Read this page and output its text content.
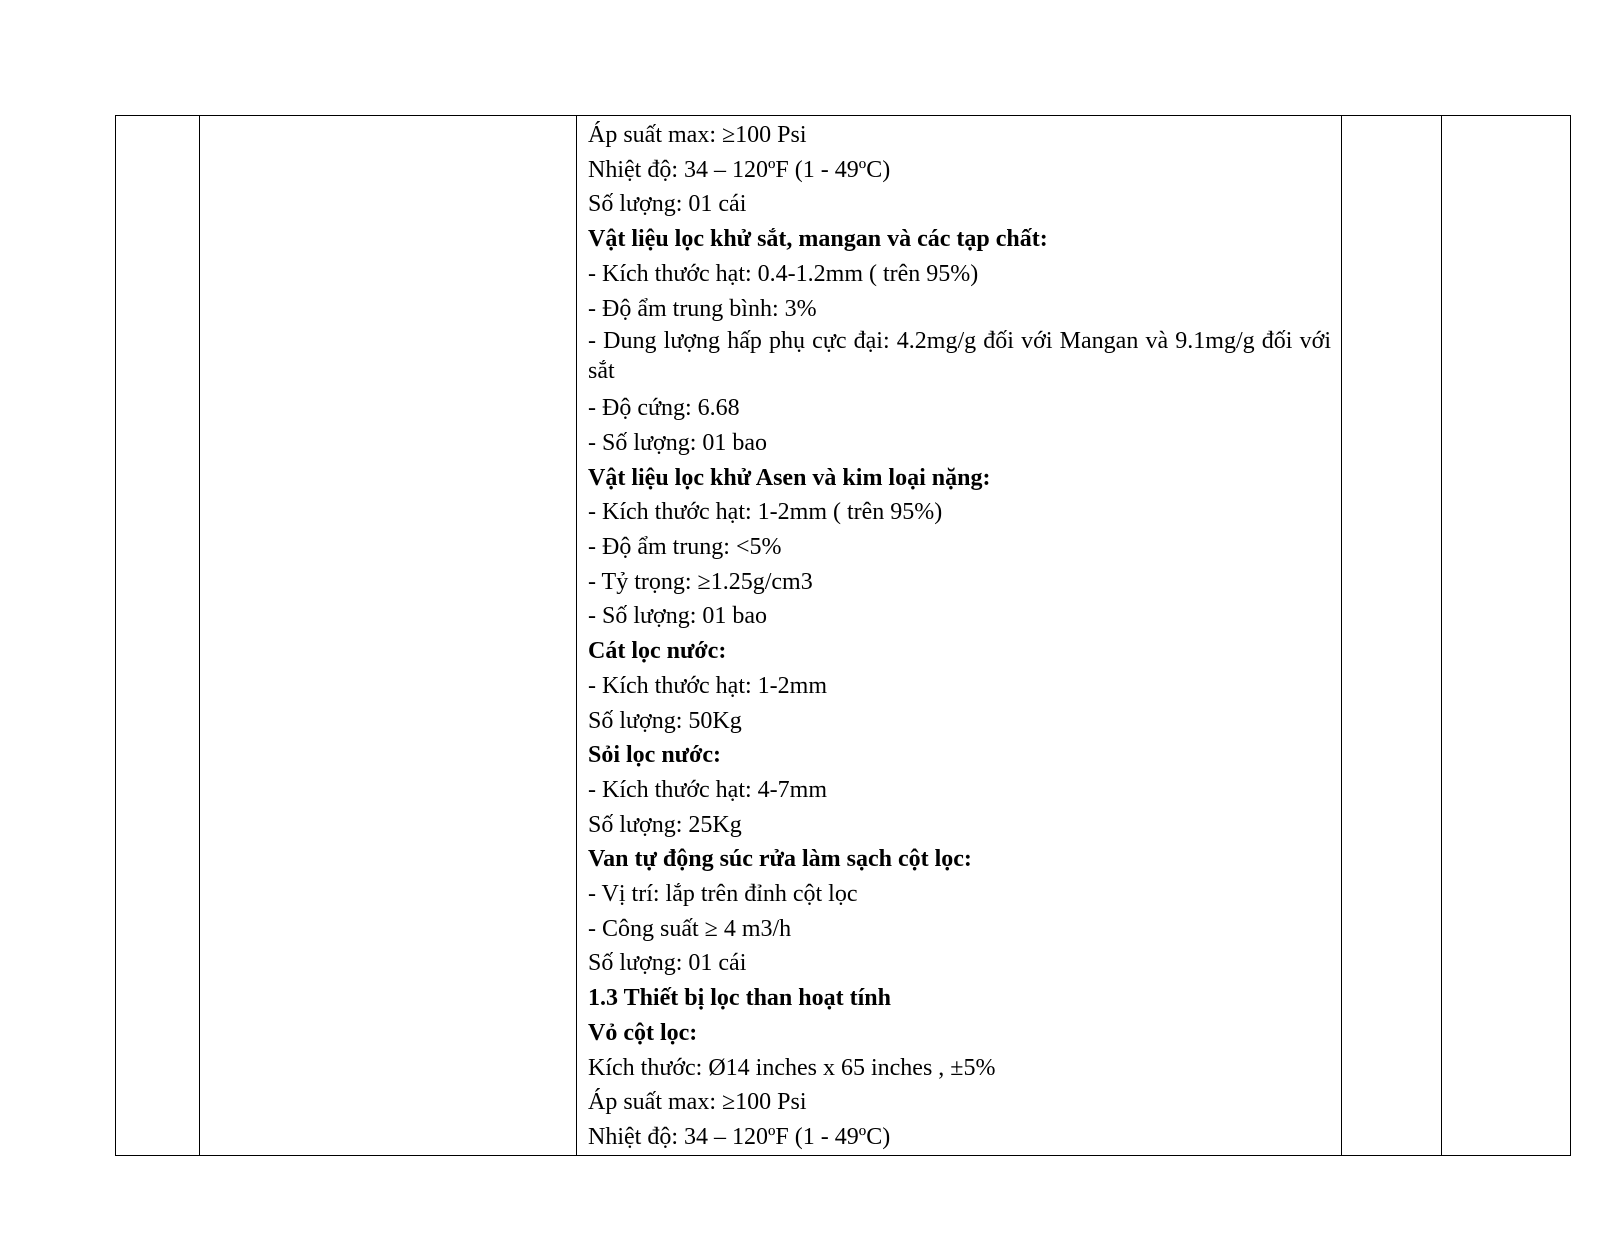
Áp suất max: ≥100 Psi

Nhiệt độ: 34 – 120ºF (1 - 49ºC)

Số lượng: 01 cái

Vật liệu lọc khử sắt, mangan và các tạp chất:

- Kích thước hạt: 0.4-1.2mm ( trên 95%)

- Độ ẩm trung bình: 3%

- Dung lượng hấp phụ cực đại: 4.2mg/g đối với Mangan và 9.1mg/g đối với sắt

- Độ cứng: 6.68

- Số lượng: 01 bao

Vật liệu lọc khử Asen và kim loại nặng:

- Kích thước hạt: 1-2mm ( trên 95%)

- Độ ẩm trung: <5%

- Tỷ trọng: ≥1.25g/cm3

- Số lượng: 01 bao

Cát lọc nước:

- Kích thước hạt: 1-2mm

Số lượng: 50Kg

Sỏi lọc nước:

- Kích thước hạt: 4-7mm

Số lượng: 25Kg

Van tự động súc rửa làm sạch cột lọc:

- Vị trí: lắp trên đỉnh cột lọc

- Công suất ≥ 4 m3/h

Số lượng: 01 cái

1.3 Thiết bị lọc than hoạt tính

Vỏ cột lọc:

Kích thước: Ø14 inches x 65 inches , ±5%

Áp suất max: ≥100 Psi

Nhiệt độ: 34 – 120ºF (1 - 49ºC)
